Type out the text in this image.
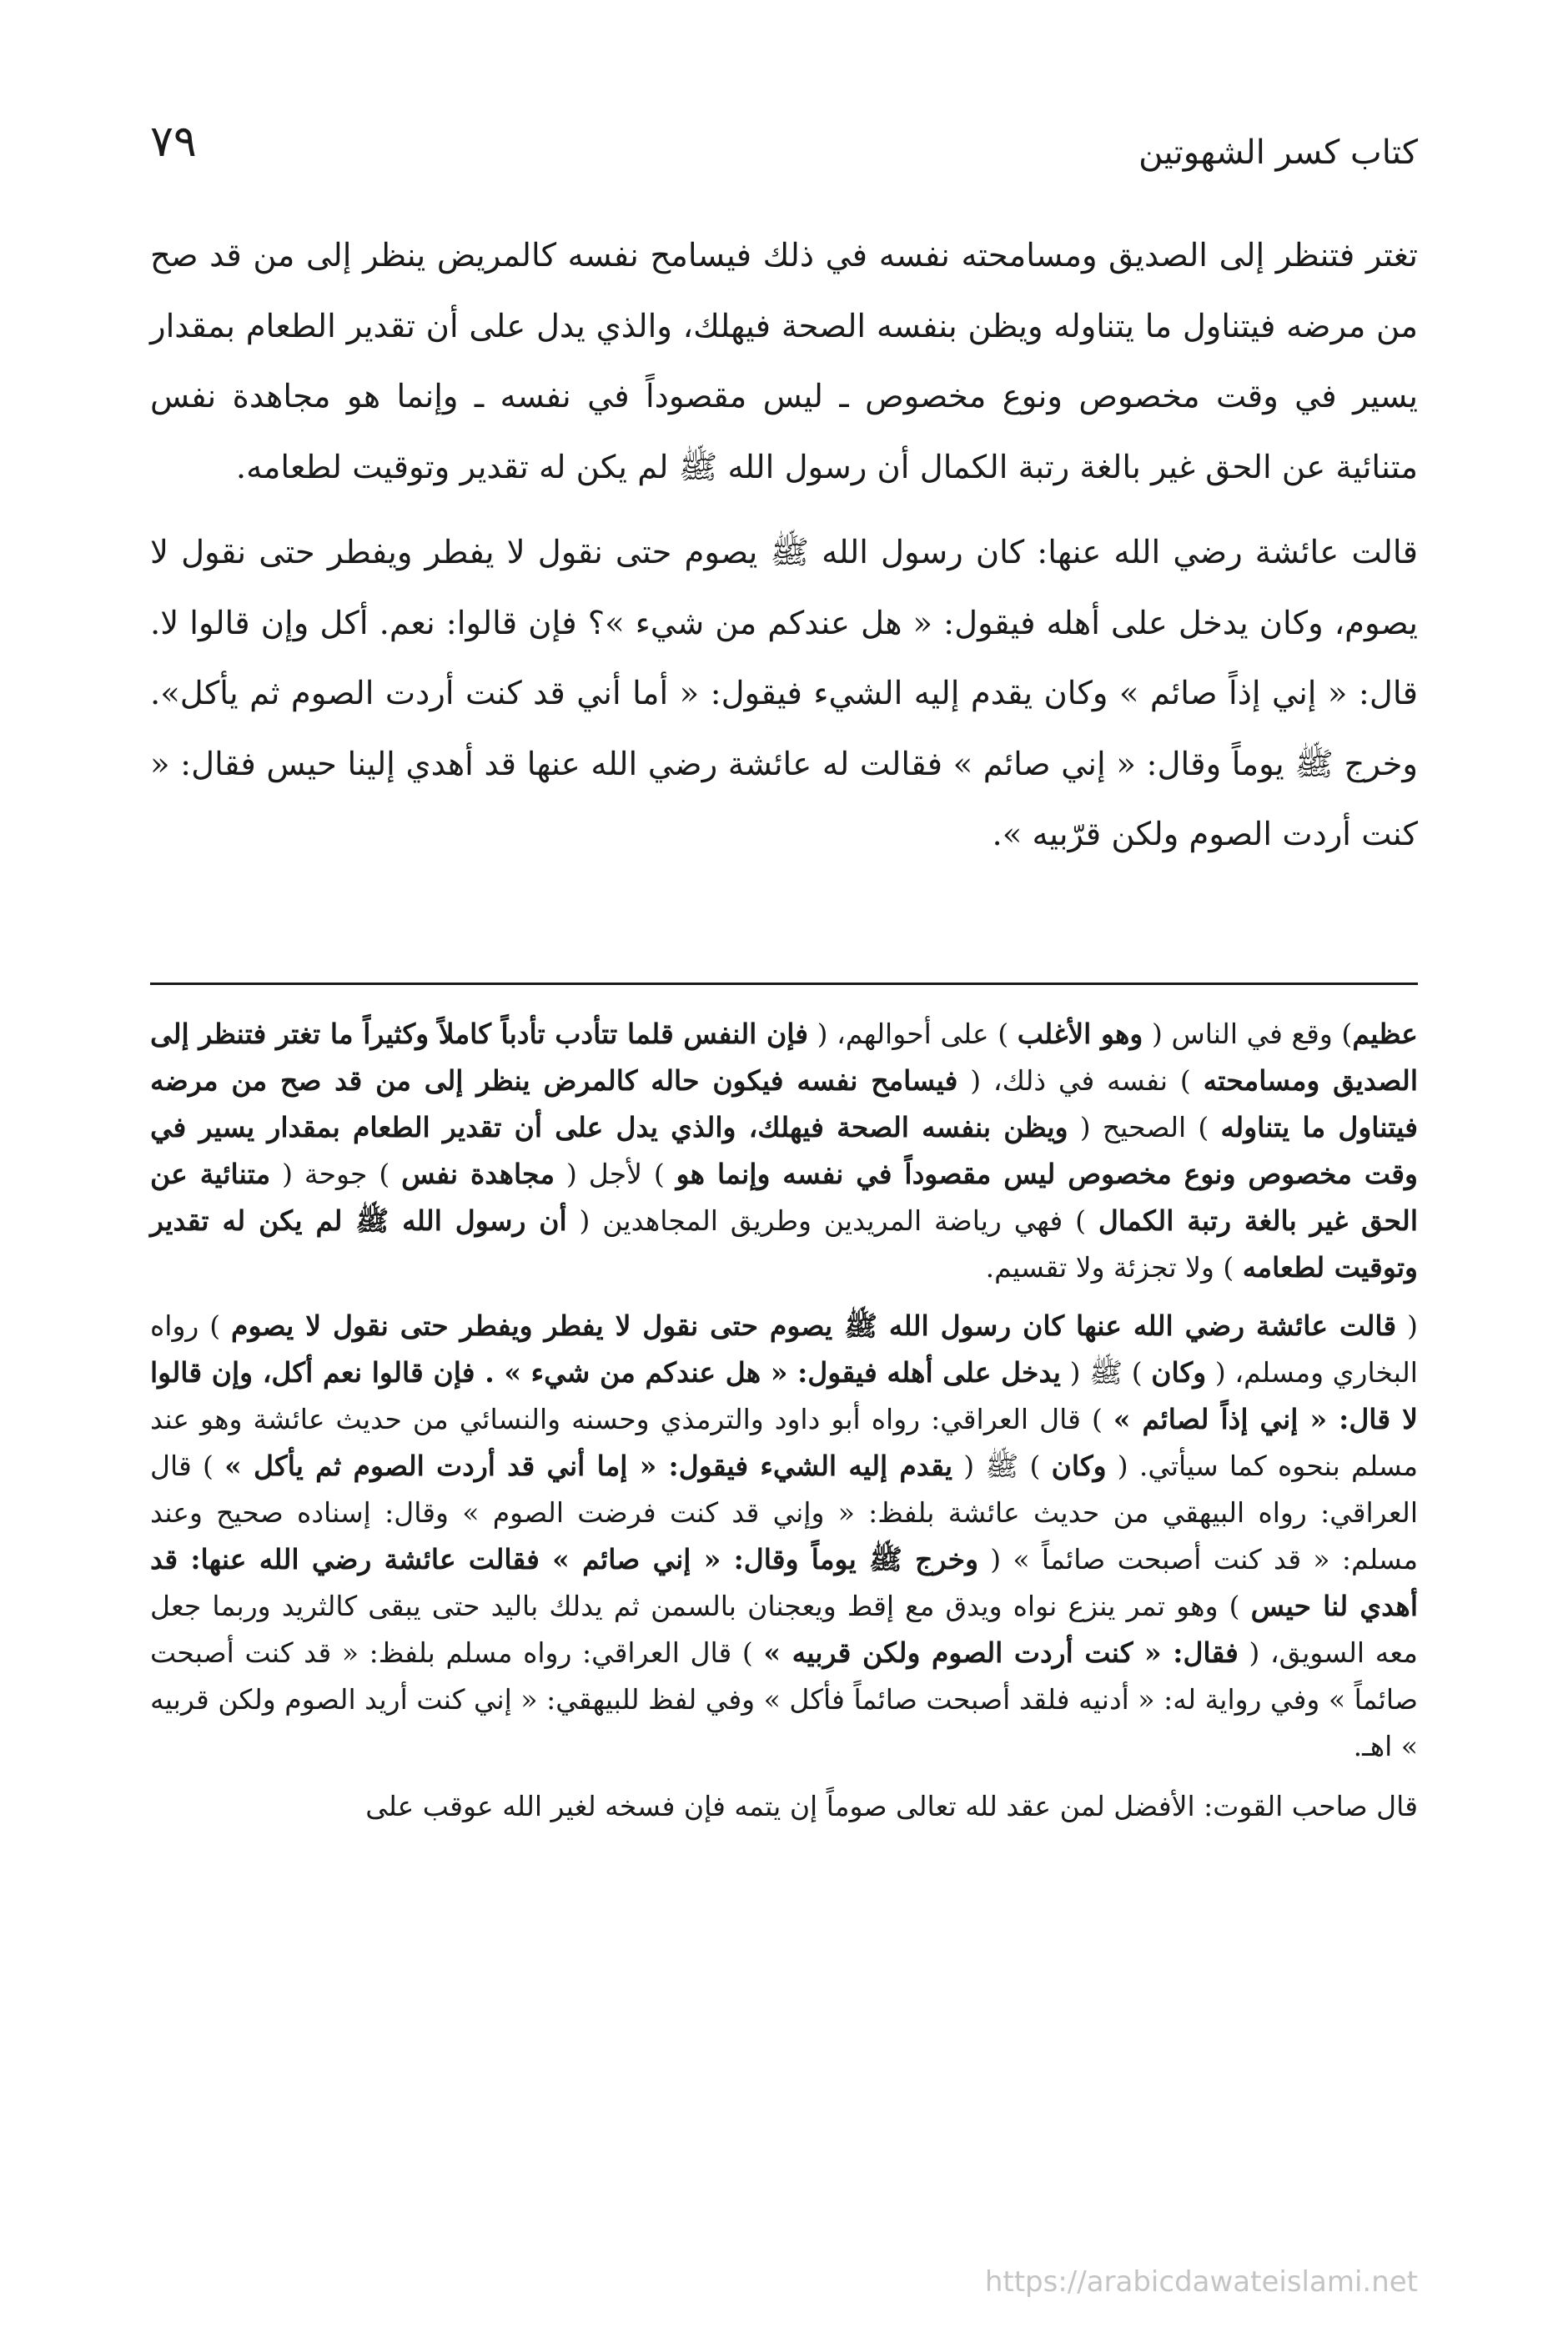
كتاب كسر الشهوتين
٧٩

تغتر فتنظر إلى الصديق ومسامحته نفسه في ذلك فيسامح نفسه كالمريض ينظر إلى من قد صح من مرضه فيتناول ما يتناوله ويظن بنفسه الصحة فيهلك، والذي يدل على أن تقدير الطعام بمقدار يسير في وقت مخصوص ونوع مخصوص ـ ليس مقصوداً في نفسه ـ وإنما هو مجاهدة نفس متنائية عن الحق غير بالغة رتبة الكمال أن رسول الله ﷺ لم يكن له تقدير وتوقيت لطعامه.

قالت عائشة رضي الله عنها: كان رسول الله ﷺ يصوم حتى نقول لا يفطر ويفطر حتى نقول لا يصوم، وكان يدخل على أهله فيقول: « هل عندكم من شيء »؟ فإن قالوا: نعم. أكل وإن قالوا لا. قال: « إني إذاً صائم » وكان يقدم إليه الشيء فيقول: « أما أني قد كنت أردت الصوم ثم يأكل». وخرج ﷺ يوماً وقال: « إني صائم » فقالت له عائشة رضي الله عنها قد أهدي إلينا حيس فقال: « كنت أردت الصوم ولكن قرّبيه ».

عظيم) وقع في الناس ( وهو الأغلب ) على أحوالهم، ( فإن النفس قلما تتأدب تأدباً كاملاً وكثيراً ما تغتر فتنظر إلى الصديق ومسامحته ) نفسه في ذلك، ( فيسامح نفسه فيكون حاله كالمرض ينظر إلى من قد صح من مرضه فيتناول ما يتناوله ) الصحيح ( ويظن بنفسه الصحة فيهلك، والذي يدل على أن تقدير الطعام بمقدار يسير في وقت مخصوص ونوع مخصوص ليس مقصوداً في نفسه وإنما هو ) لأجل ( مجاهدة نفس ) جوحة ( متنائية عن الحق غير بالغة رتبة الكمال ) فهي رياضة المريدين وطريق المجاهدين ( أن رسول الله ﷺ لم يكن له تقدير وتوقيت لطعامه ) ولا تجزئة ولا تقسيم.

( قالت عائشة رضي الله عنها كان رسول الله ﷺ يصوم حتى نقول لا يفطر ويفطر حتى نقول لا يصوم ) رواه البخاري ومسلم، ( وكان ) ﷺ ( يدخل على أهله فيقول: « هل عندكم من شيء » . فإن قالوا نعم أكل، وإن قالوا لا قال: « إني إذاً لصائم » ) قال العراقي: رواه أبو داود والترمذي وحسنه والنسائي من حديث عائشة وهو عند مسلم بنحوه كما سيأتي. ( وكان ) ﷺ ( يقدم إليه الشيء فيقول: « إما أني قد أردت الصوم ثم يأكل » ) قال العراقي: رواه البيهقي من حديث عائشة بلفظ: « وإني قد كنت فرضت الصوم » وقال: إسناده صحيح وعند مسلم: « قد كنت أصبحت صائماً » ( وخرج ﷺ يوماً وقال: « إني صائم » فقالت عائشة رضي الله عنها: قد أهدي لنا حيس ) وهو تمر ينزع نواه ويدق مع إقط ويعجنان بالسمن ثم يدلك باليد حتى يبقى كالثريد وربما جعل معه السويق، ( فقال: « كنت أردت الصوم ولكن قربيه » ) قال العراقي: رواه مسلم بلفظ: « قد كنت أصبحت صائماً » وفي رواية له: « أدنيه فلقد أصبحت صائماً فأكل » وفي لفظ للبيهقي: « إني كنت أريد الصوم ولكن قربيه » اهـ.

قال صاحب القوت: الأفضل لمن عقد لله تعالى صوماً إن يتمه فإن فسخه لغير الله عوقب على

https://arabicdawateislami.net
